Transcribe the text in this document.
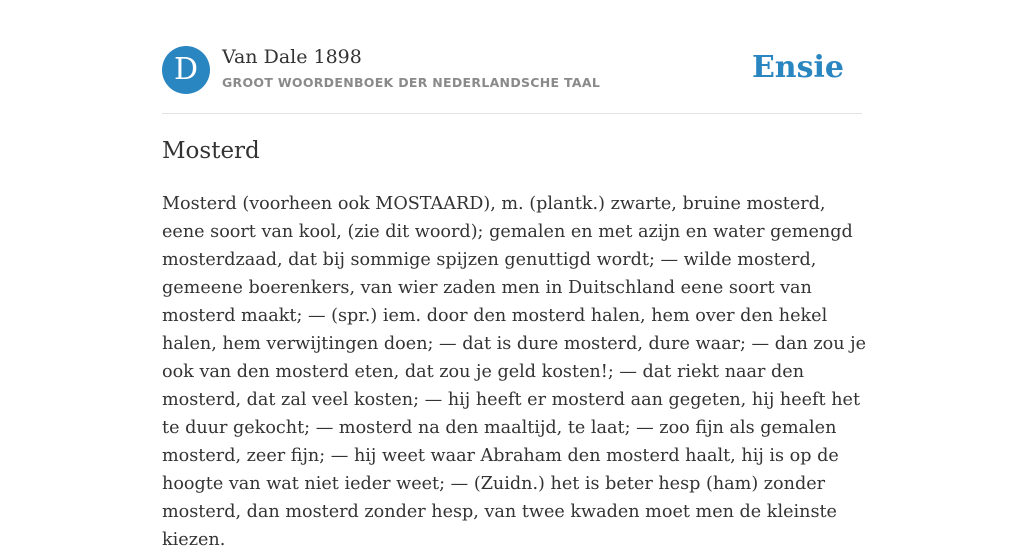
D	Van Dale 1898
GROOT WOORDENBOEK DER NEDERLANDSCHE TAAL	Ensie
Mosterd

Mosterd (voorheen ook MOSTAARD), m. (plantk.) zwarte, bruine mosterd, eene soort van kool, (zie dit woord); gemalen en met azijn en water gemengd mosterdzaad, dat bij sommige spijzen genuttigd wordt; — wilde mosterd, gemeene boerenkers, van wier zaden men in Duitschland eene soort van mosterd maakt; — (spr.) iem. door den mosterd halen, hem over den hekel halen, hem verwijtingen doen; — dat is dure mosterd, dure waar; — dan zou je ook van den mosterd eten, dat zou je geld kosten!; — dat riekt naar den mosterd, dat zal veel kosten; — hij heeft er mosterd aan gegeten, hij heeft het te duur gekocht; — mosterd na den maaltijd, te laat; — zoo fijn als gemalen mosterd, zeer fijn; — hij weet waar Abraham den mosterd haalt, hij is op de hoogte van wat niet ieder weet; — (Zuidn.) het is beter hesp (ham) zonder mosterd, dan mosterd zonder hesp, van twee kwaden moet men de kleinste kiezen.
